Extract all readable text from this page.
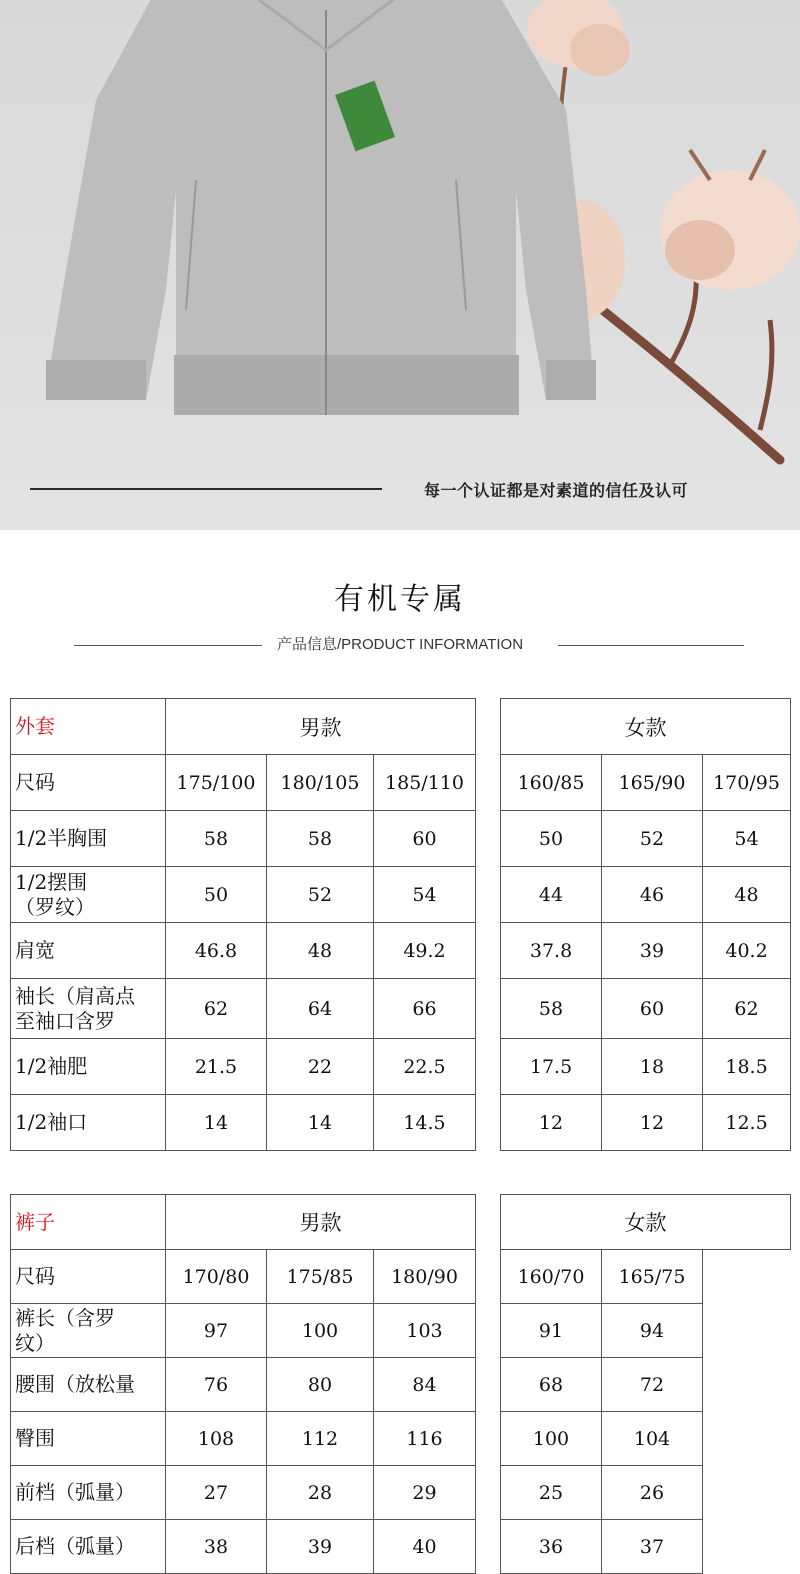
每一个认证都是对素道的信任及认可
有机专属
产品信息/PRODUCT INFORMATION
外套	男款				女款		
尺码	175/100	180/105	185/110		160/85	165/90	170/95
1/2半胸围	58	58	60		50	52	54
1/2摆围
（罗纹）	50	52	54		44	46	48
肩宽	46.8	48	49.2		37.8	39	40.2
袖长（肩高点
至袖口含罗	62	64	66		58	60	62
1/2袖肥	21.5	22	22.5		17.5	18	18.5
1/2袖口	14	14	14.5		12	12	12.5
裤子	男款				女款		
尺码	170/80	175/85	180/90		160/70	165/75	
裤长（含罗
纹）	97	100	103		91	94	
腰围（放松量	76	80	84		68	72	
臀围	108	112	116		100	104	
前档（弧量）	27	28	29		25	26	
后档（弧量）	38	39	40		36	37	
